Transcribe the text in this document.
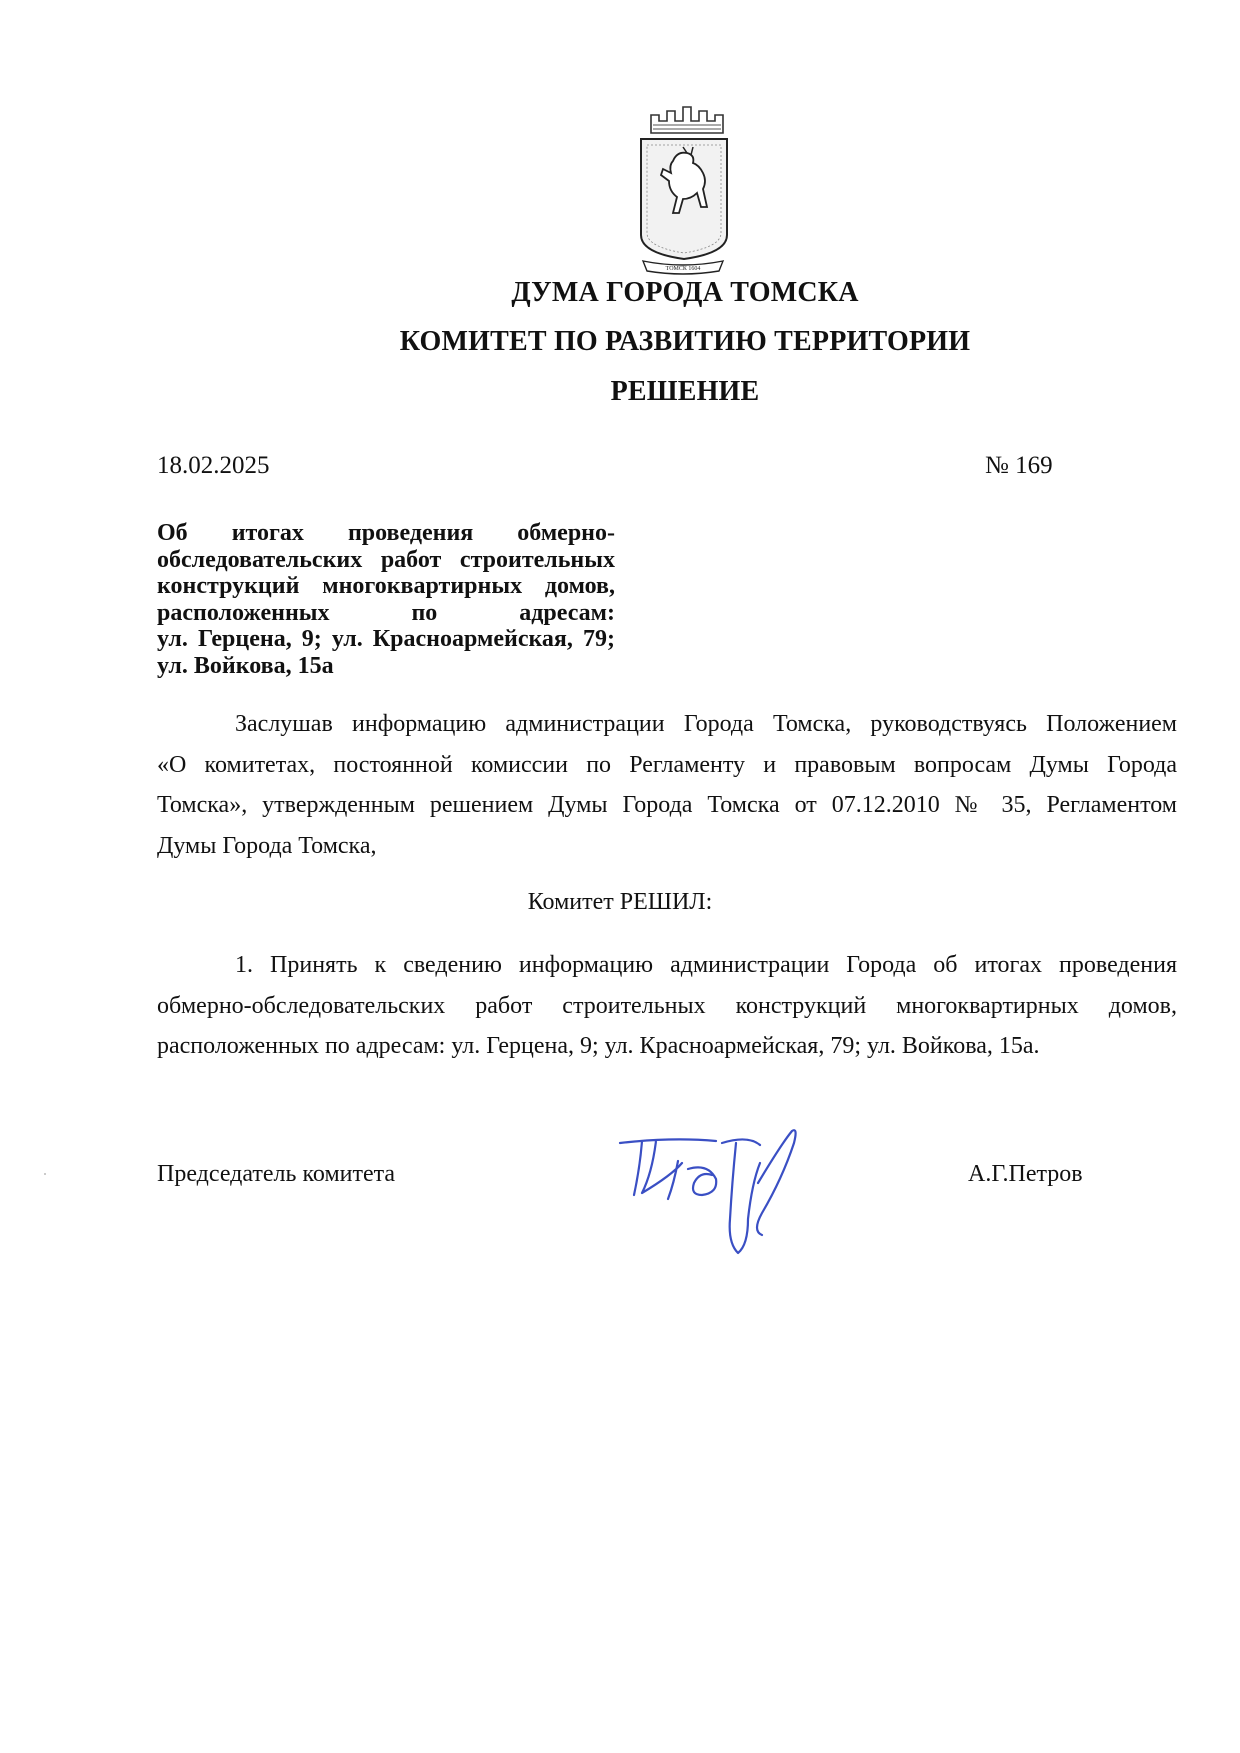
ТОМСК 1604
ДУМА ГОРОДА ТОМСКА
КОМИТЕТ ПО РАЗВИТИЮ ТЕРРИТОРИИ
РЕШЕНИЕ
18.02.2025	№ 169
Об итогах проведения обмерно-
обследовательских работ строительных
конструкций многоквартирных домов,
расположенных по адресам:
ул. Герцена, 9; ул. Красноармейская, 79;
ул. Войкова, 15а
Заслушав информацию администрации Города Томска, руководствуясь Положением
«О комитетах, постоянной комиссии по Регламенту и правовым вопросам Думы Города
Томска», утвержденным решением Думы Города Томска от 07.12.2010 № 35, Регламентом
Думы Города Томска,
Комитет РЕШИЛ:
1. Принять к сведению информацию администрации Города об итогах проведения
обмерно-обследовательских работ строительных конструкций многоквартирных домов,
расположенных по адресам: ул. Герцена, 9; ул. Красноармейская, 79; ул. Войкова, 15а.
Председатель комитета	А.Г.Петров
